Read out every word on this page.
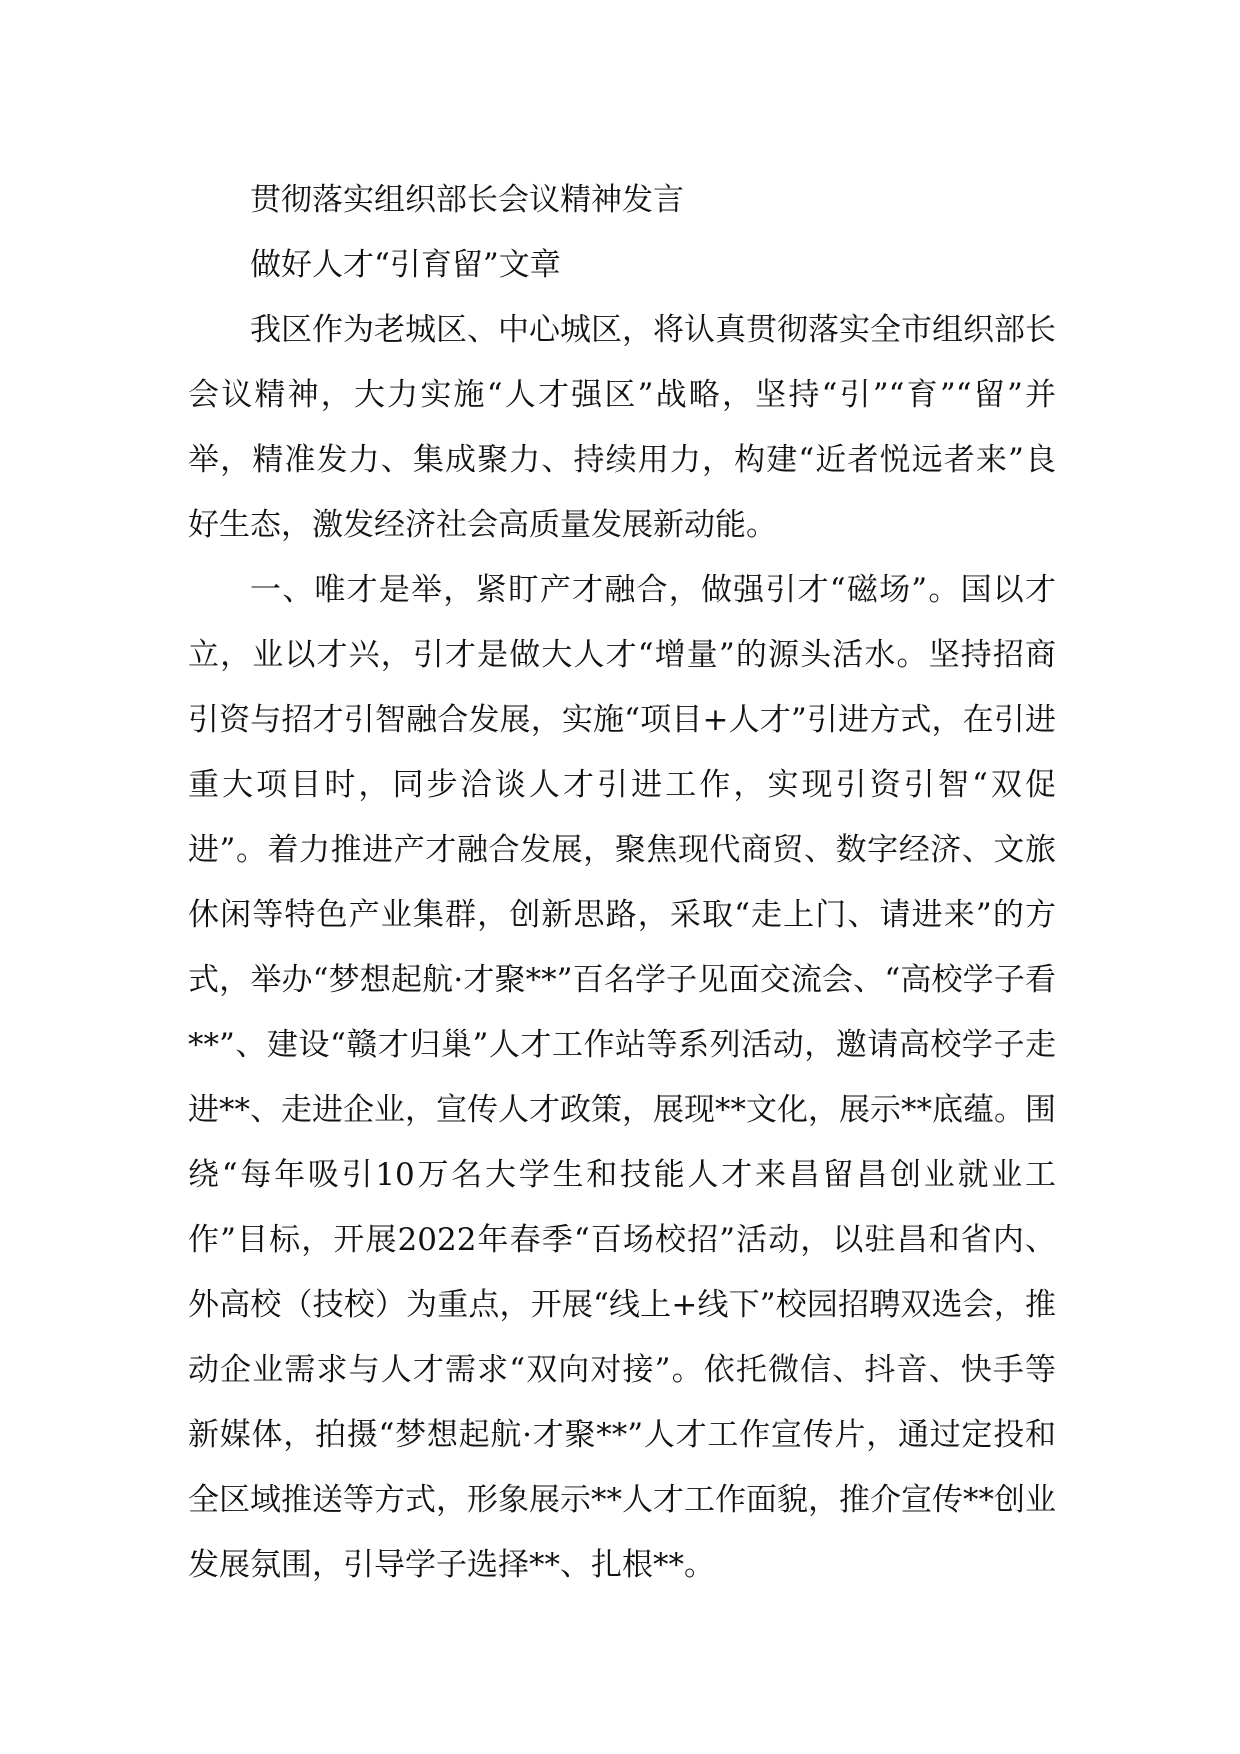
贯彻落实组织部长会议精神发言

做好人才“引育留”文章

我区作为老城区、中心城区，将认真贯彻落实全市组织部长会议精神，大力实施“人才强区”战略，坚持“引”“育”“留”并举，精准发力、集成聚力、持续用力，构建“近者悦远者来”良好生态，激发经济社会高质量发展新动能。

一、唯才是举，紧盯产才融合，做强引才“磁场”。国以才立，业以才兴，引才是做大人才“增量”的源头活水。坚持招商引资与招才引智融合发展，实施“项目+人才”引进方式，在引进重大项目时，同步洽谈人才引进工作，实现引资引智“双促进”。着力推进产才融合发展，聚焦现代商贸、数字经济、文旅休闲等特色产业集群，创新思路，采取“走上门、请进来”的方式，举办“梦想起航·才聚**”百名学子见面交流会、“高校学子看**”、建设“赣才归巢”人才工作站等系列活动，邀请高校学子走进**、走进企业，宣传人才政策，展现**文化，展示**底蕴。围绕“每年吸引10万名大学生和技能人才来昌留昌创业就业工作”目标，开展2022年春季“百场校招”活动，以驻昌和省内、外高校（技校）为重点，开展“线上+线下”校园招聘双选会，推动企业需求与人才需求“双向对接”。依托微信、抖音、快手等新媒体，拍摄“梦想起航·才聚**”人才工作宣传片，通过定投和全区域推送等方式，形象展示**人才工作面貌，推介宣传**创业发展氛围，引导学子选择**、扎根**。
